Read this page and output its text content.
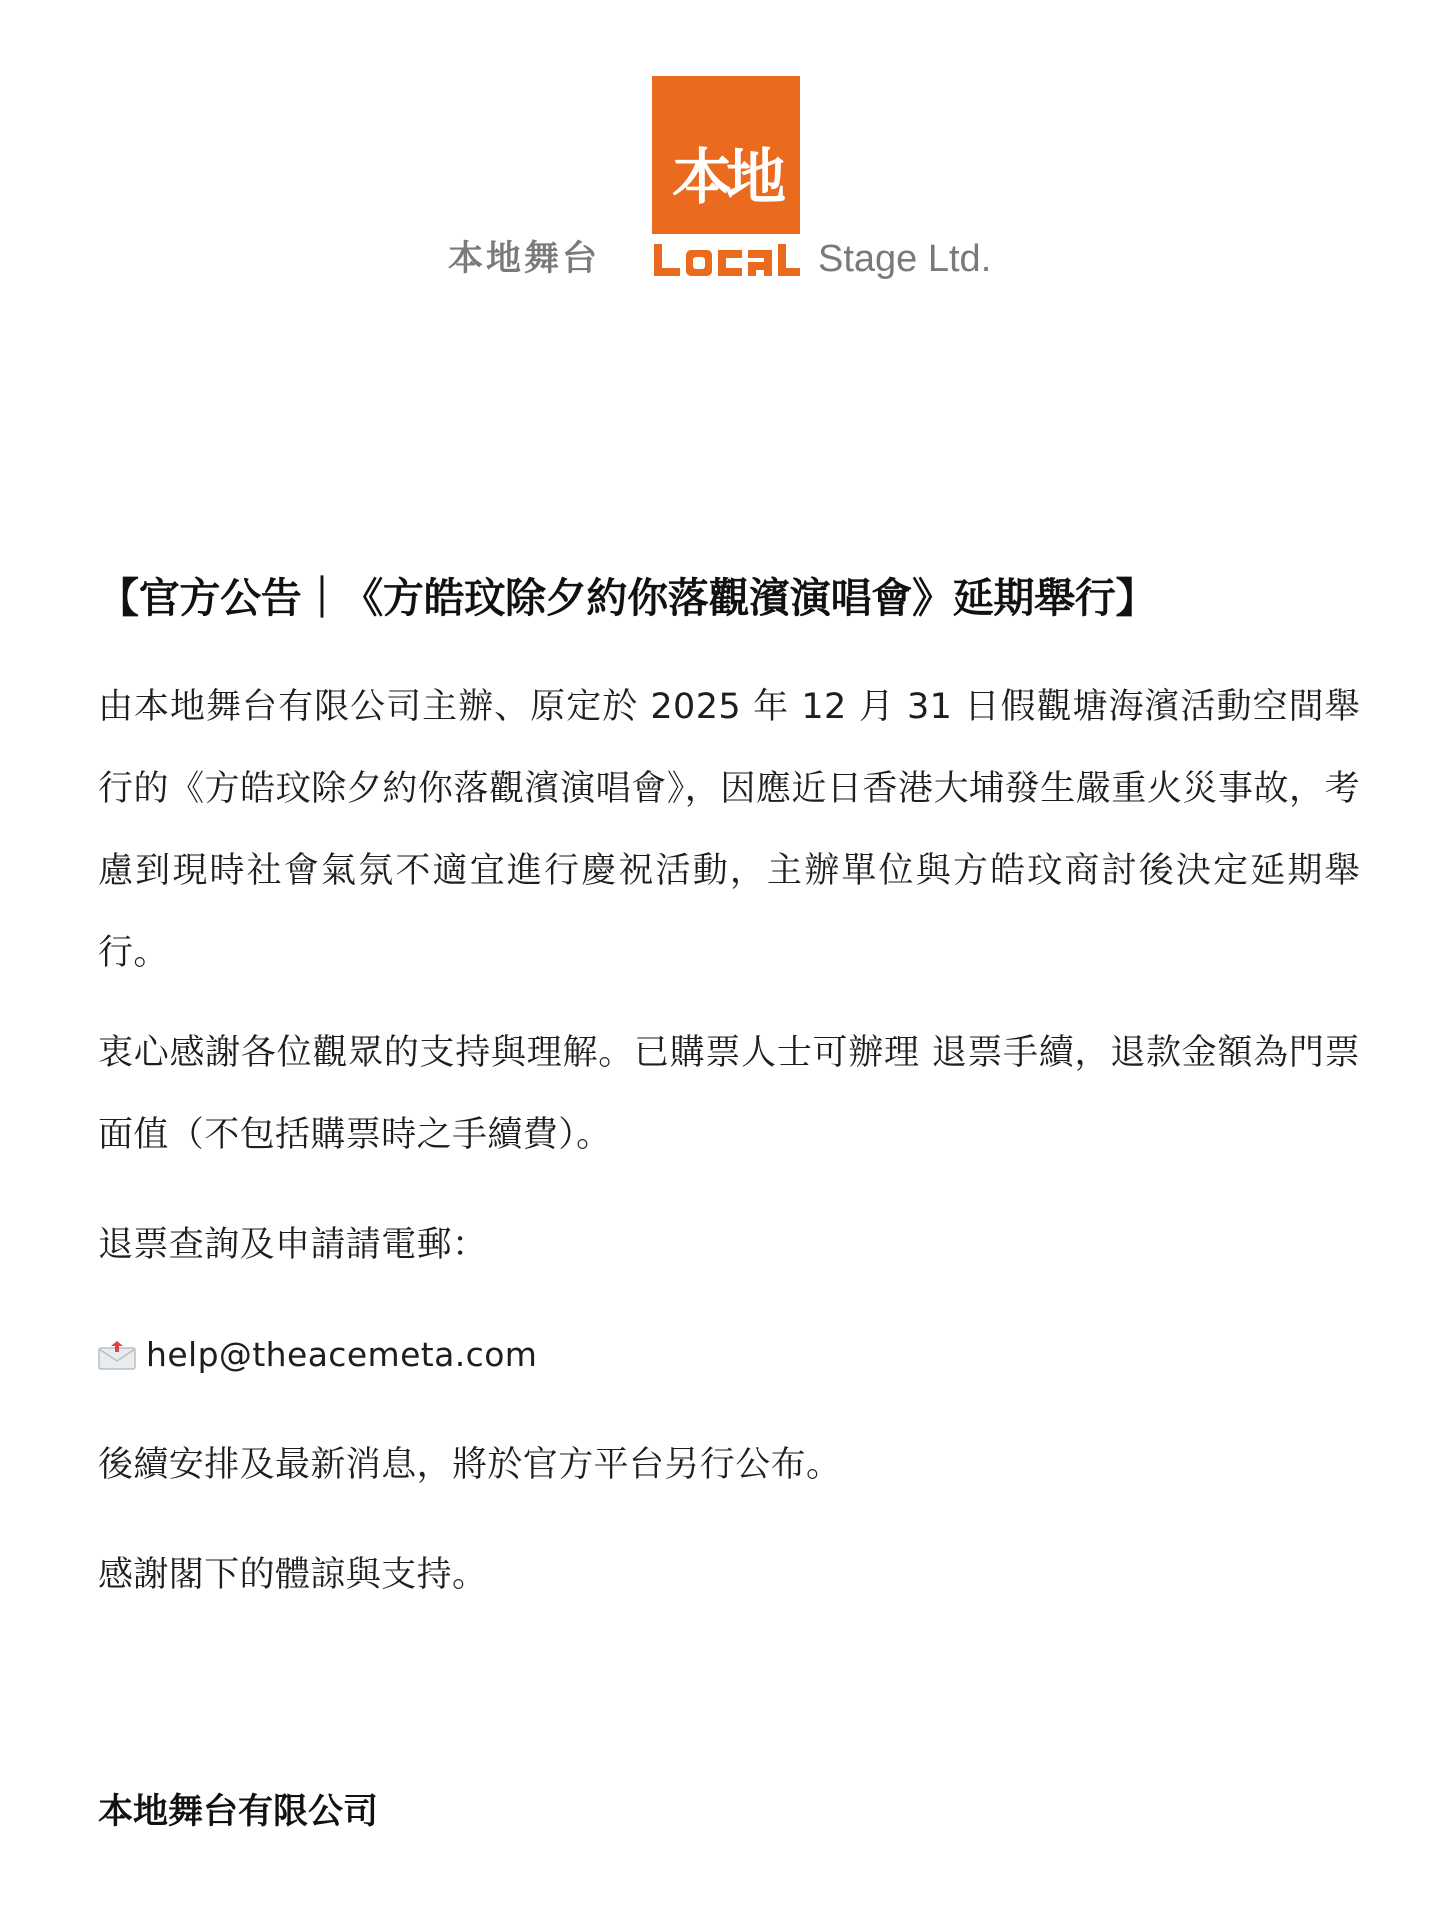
本地
本地舞台	Stage Ltd.
【官方公告｜《方皓玟除夕約你落觀濱演唱會》延期舉行】

由本地舞台有限公司主辦、原定於 2025 年 12 月 31 日假觀塘海濱活動空間舉行的《方皓玟除夕約你落觀濱演唱會》，因應近日香港大埔發生嚴重火災事故，考慮到現時社會氣氛不適宜進行慶祝活動，主辦單位與方皓玟商討後決定延期舉行。

衷心感謝各位觀眾的支持與理解。已購票人士可辦理 退票手續，退款金額為門票面值（不包括購票時之手續費）。

退票查詢及申請請電郵：

help@theacemeta.com

後續安排及最新消息，將於官方平台另行公布。

感謝閣下的體諒與支持。

本地舞台有限公司
